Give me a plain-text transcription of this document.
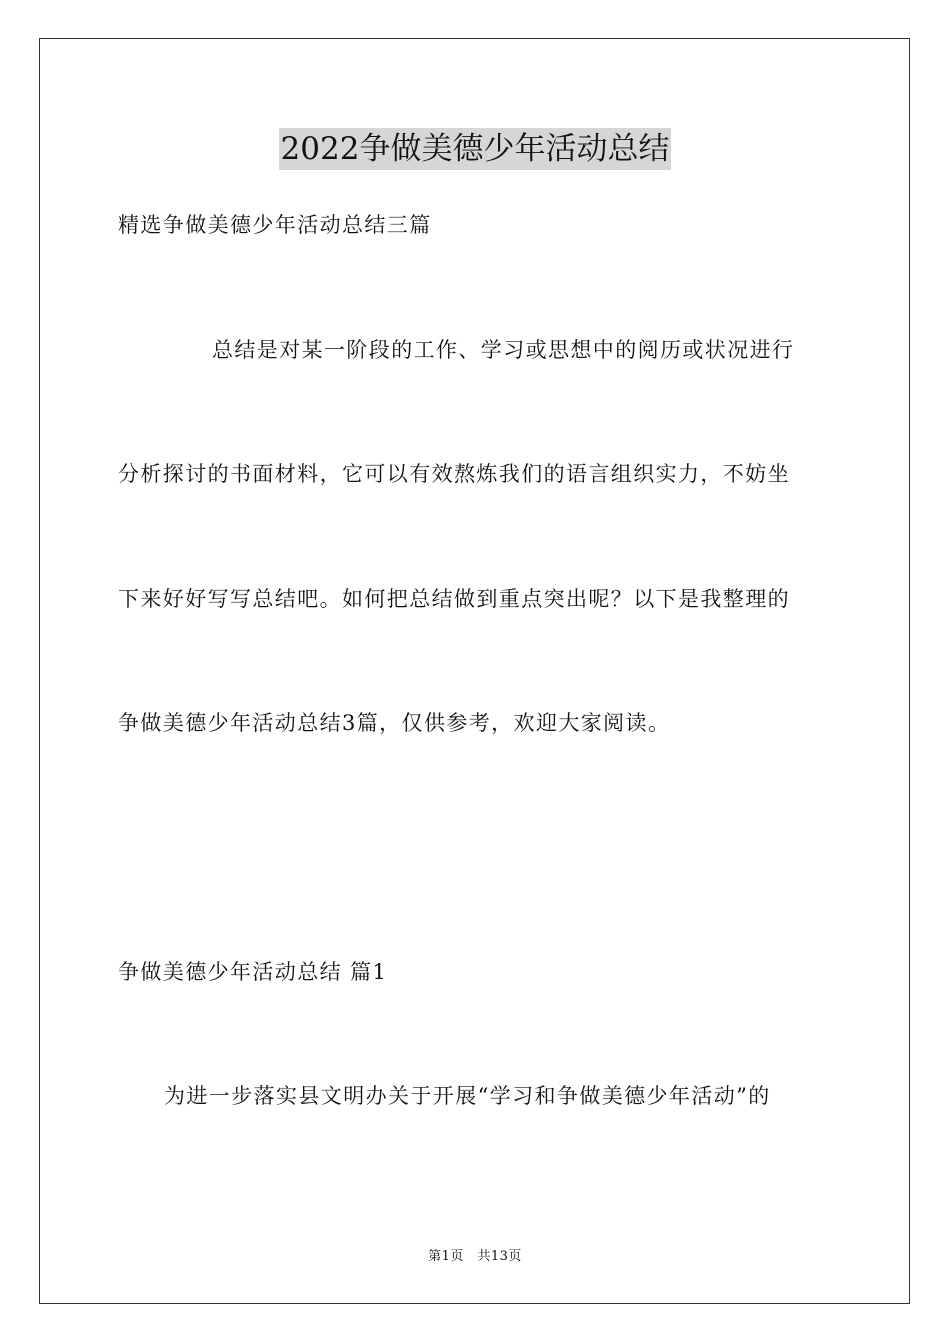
2022争做美德少年活动总结
精选争做美德少年活动总结三篇
总结是对某一阶段的工作、学习或思想中的阅历或状况进行
分析探讨的书面材料，它可以有效熬炼我们的语言组织实力，不妨坐
下来好好写写总结吧。如何把总结做到重点突出呢？以下是我整理的
争做美德少年活动总结3篇，仅供参考，欢迎大家阅读。
争做美德少年活动总结 篇1
为进一步落实县文明办关于开展“学习和争做美德少年活动”的
第1页　共13页
